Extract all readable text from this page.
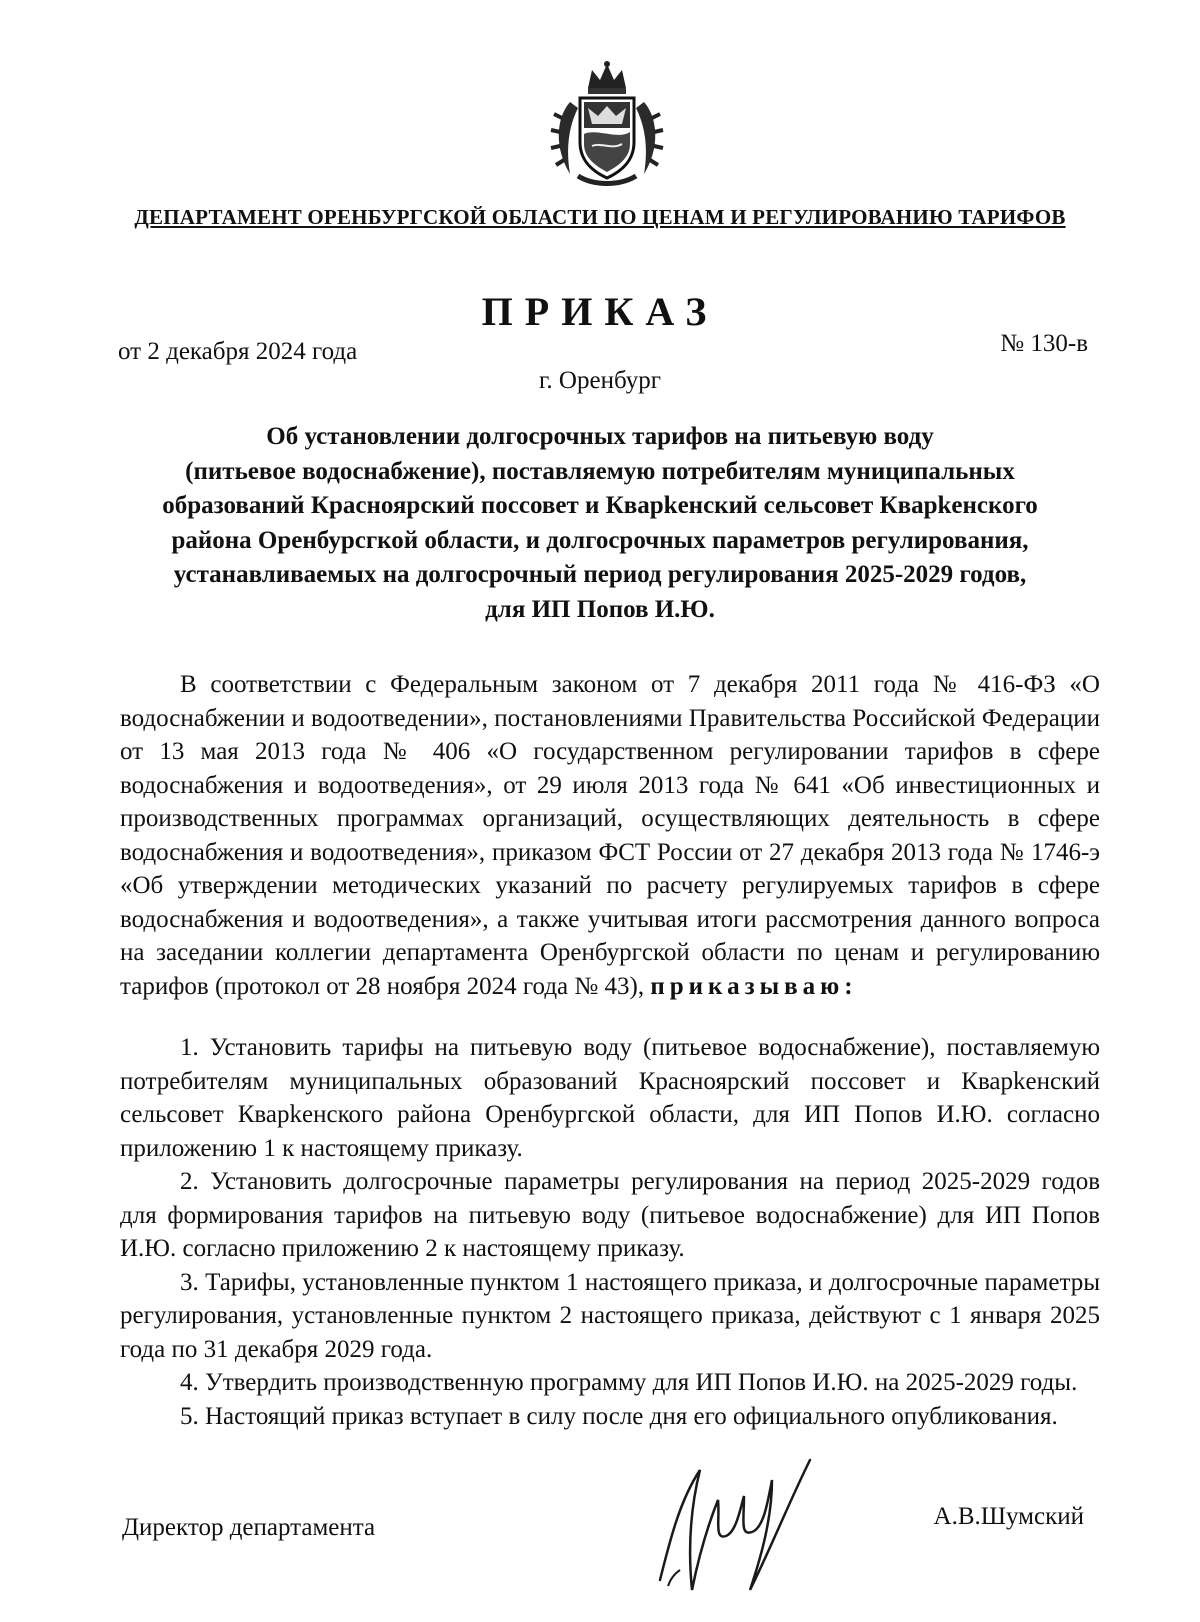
ДЕПАРТАМЕНТ ОРЕНБУРГСКОЙ ОБЛАСТИ ПО ЦЕНАМ И РЕГУЛИРОВАНИЮ ТАРИФОВ
ПРИКАЗ
от 2 декабря 2024 года	№ 130-в
г. Оренбург
Об установлении долгосрочных тарифов на питьевую воду
(питьевое водоснабжение), поставляемую потребителям муниципальных
образований Красноярский поссовет и Кварkенский сельсовет Кварkенского
района Оренбурсгкой области, и долгосрочных параметров регулирования,
устанавливаемых на долгосрочный период регулирования 2025-2029 годов,
для ИП Попов И.Ю.

В соответствии с Федеральным законом от 7 декабря 2011 года № 416-ФЗ «О водоснабжении и водоотведении», постановлениями Правительства Российской Федерации от 13 мая 2013 года № 406 «О государственном регулировании тарифов в сфере водоснабжения и водоотведения», от 29 июля 2013 года № 641 «Об инвестиционных и производственных программах организаций, осуществляющих деятельность в сфере водоснабжения и водоотведения», приказом ФСТ России от 27 декабря 2013 года № 1746-э «Об утверждении методических указаний по расчету регулируемых тарифов в сфере водоснабжения и водоотведения», а также учитывая итоги рассмотрения данного вопроса на заседании коллегии департамента Оренбургской области по ценам и регулированию тарифов (протокол от 28 ноября 2024 года № 43), приказываю:

1. Установить тарифы на питьевую воду (питьевое водоснабжение), поставляемую потребителям муниципальных образований Красноярский поссовет и Кварkенский сельсовет Кварkенского района Оренбургской области, для ИП Попов И.Ю. согласно приложению 1 к настоящему приказу.

2. Установить долгосрочные параметры регулирования на период 2025-2029 годов для формирования тарифов на питьевую воду (питьевое водоснабжение) для ИП Попов И.Ю. согласно приложению 2 к настоящему приказу.

3. Тарифы, установленные пунктом 1 настоящего приказа, и долгосрочные параметры регулирования, установленные пунктом 2 настоящего приказа, действуют с 1 января 2025 года по 31 декабря 2029 года.

4. Утвердить производственную программу для ИП Попов И.Ю. на 2025-2029 годы.

5. Настоящий приказ вступает в силу после дня его официального опубликования.

Директор департамента	А.В.Шумский
